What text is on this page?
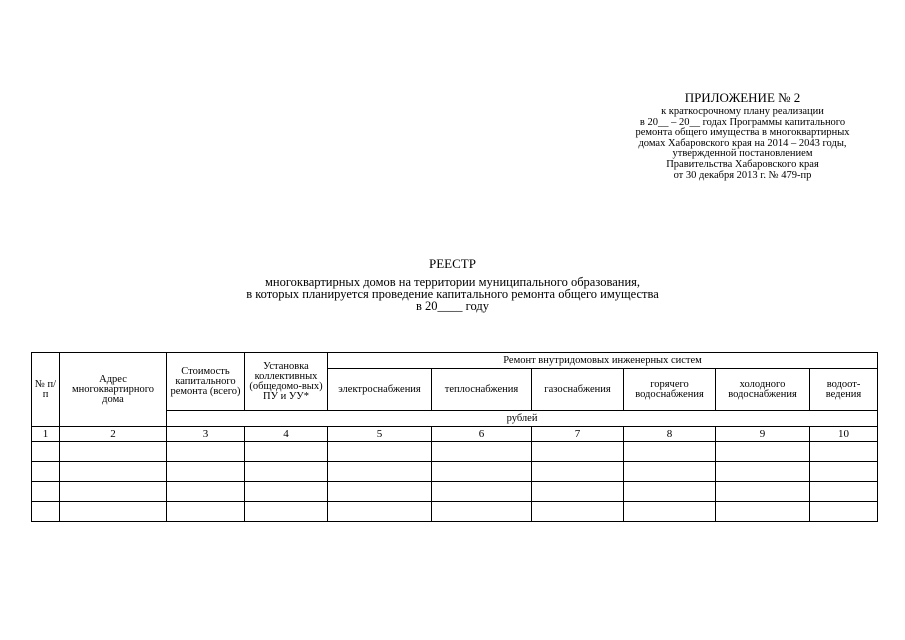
ПРИЛОЖЕНИЕ № 2
к краткосрочному плану реализации
в 20__ – 20__ годах Программы капитального
ремонта общего имущества в многоквартирных
домах Хабаровского края на 2014 – 2043 годы,
утвержденной постановлением
Правительства Хабаровского края
от 30 декабря 2013 г. № 479-пр
РЕЕСТР
многоквартирных домов на территории муниципального образования,
в которых планируется проведение капитального ремонта общего имущества
в 20____ году
№ п/п	Адрес многоквартирного дома	Стоимость капитального ремонта (всего)	Установка коллективных (общедомо-вых) ПУ и УУ*	Ремонт внутридомовых инженерных систем					
				электроснабжения	теплоснабжения	газоснабжения	горячего водоснабжения	холодного водоснабжения	водоот-ведения
		рублей							
1	2	3	4	5	6	7	8	9	10
